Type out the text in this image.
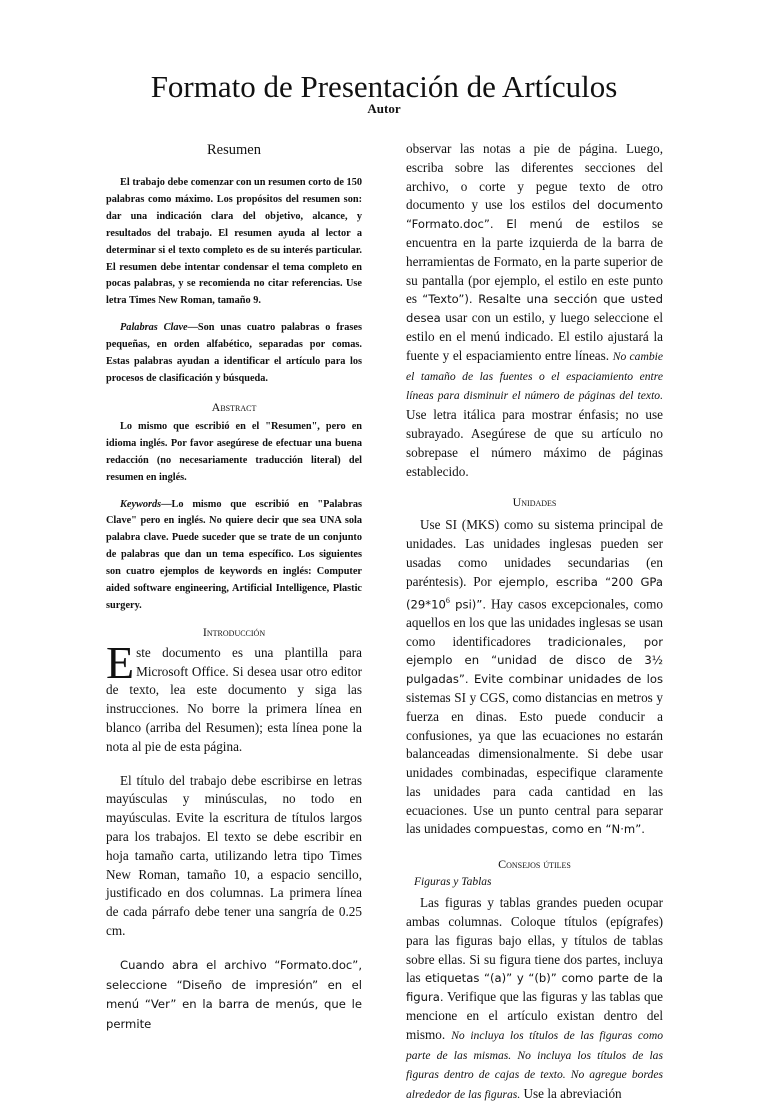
Formato de Presentación de Artículos
Autor

Resumen

El trabajo debe comenzar con un resumen corto de 150 palabras como máximo. Los propósitos del resumen son: dar una indicación clara del objetivo, alcance, y resultados del trabajo. El resumen ayuda al lector a determinar si el texto completo es de su interés particular. El resumen debe intentar condensar el tema completo en pocas palabras, y se recomienda no citar referencias. Use letra Times New Roman, tamaño 9.

Palabras Clave—Son unas cuatro palabras o frases pequeñas, en orden alfabético, separadas por comas. Estas palabras ayudan a identificar el artículo para los procesos de clasificación y búsqueda.

Abstract

Lo mismo que escribió en el "Resumen", pero en idioma inglés. Por favor asegúrese de efectuar una buena redacción (no necesariamente traducción literal) del resumen en inglés.

Keywords—Lo mismo que escribió en "Palabras Clave" pero en inglés. No quiere decir que sea UNA sola palabra clave. Puede suceder que se trate de un conjunto de palabras que dan un tema específico. Los siguientes son cuatro ejemplos de keywords en inglés: Computer aided software engineering, Artificial Intelligence, Plastic surgery.

Introducción

Este documento es una plantilla para Microsoft Office. Si desea usar otro editor de texto, lea este documento y siga las instrucciones. No borre la primera línea en blanco (arriba del Resumen); esta línea pone la nota al pie de esta página.

El título del trabajo debe escribirse en letras mayúsculas y minúsculas, no todo en mayúsculas. Evite la escritura de títulos largos para los trabajos. El texto se debe escribir en hoja tamaño carta, utilizando letra tipo Times New Roman, tamaño 10, a espacio sencillo, justificado en dos columnas. La primera línea de cada párrafo debe tener una sangría de 0.25 cm.

Cuando abra el archivo “Formato.doc”, seleccione “Diseño de impresión” en el menú “Ver” en la barra de menús, que le permite

observar las notas a pie de página. Luego, escriba sobre las diferentes secciones del archivo, o corte y pegue texto de otro documento y use los estilos del documento “Formato.doc”. El menú de estilos se encuentra en la parte izquierda de la barra de herramientas de Formato, en la parte superior de su pantalla (por ejemplo, el estilo en este punto es “Texto”). Resalte una sección que usted desea usar con un estilo, y luego seleccione el estilo en el menú indicado. El estilo ajustará la fuente y el espaciamiento entre líneas. No cambie el tamaño de las fuentes o el espaciamiento entre líneas para disminuir el número de páginas del texto. Use letra itálica para mostrar énfasis; no use subrayado. Asegúrese de que su artículo no sobrepase el número máximo de páginas establecido.

Unidades

Use SI (MKS) como su sistema principal de unidades. Las unidades inglesas pueden ser usadas como unidades secundarias (en paréntesis). Por ejemplo, escriba “200 GPa ($29*10^6$ psi)”. Hay casos excepcionales, como aquellos en los que las unidades inglesas se usan como identificadores tradicionales, por ejemplo en “unidad de disco de 3½ pulgadas”. Evite combinar unidades de los sistemas SI y CGS, como distancias en metros y fuerza en dinas. Esto puede conducir a confusiones, ya que las ecuaciones no estarán balanceadas dimensionalmente. Si debe usar unidades combinadas, especifique claramente las unidades para cada cantidad en las ecuaciones. Use un punto central para separar las unidades compuestas, como en “N·m”.

Consejos útiles

Figuras y Tablas

Las figuras y tablas grandes pueden ocupar ambas columnas. Coloque títulos (epígrafes) para las figuras bajo ellas, y títulos de tablas sobre ellas. Si su figura tiene dos partes, incluya las etiquetas “(a)” y “(b)” como parte de la figura. Verifique que las figuras y las tablas que mencione en el artículo existan dentro del mismo. No incluya los títulos de las figuras como parte de las mismas. No incluya los títulos de las figuras dentro de cajas de texto. No agregue bordes alrededor de las figuras. Use la abreviación
